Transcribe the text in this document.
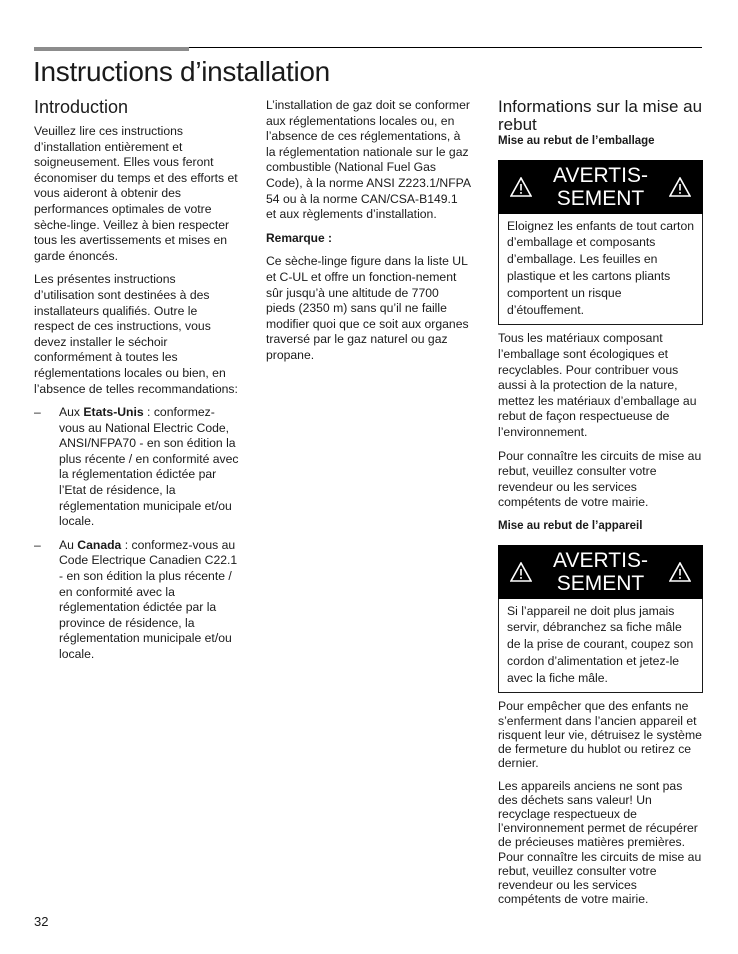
Instructions d’installation
Introduction

Veuillez lire ces instructions d’installation entièrement et soigneusement. Elles vous feront économiser du temps et des efforts et vous aideront à obtenir des performances optimales de votre sèche-linge. Veillez à bien respecter tous les avertissements et mises en garde énoncés.

Les présentes instructions d’utilisation sont destinées à des installateurs qualifiés. Outre le respect de ces instructions, vous devez installer le séchoir conformément à toutes les réglementations locales ou bien, en l’absence de telles recommandations:

– Aux Etats-Unis : conformez-vous au National Electric Code, ANSI/NFPA70 - en son édition la plus récente / en conformité avec la réglementation édictée par l’Etat de résidence, la réglementation municipale et/ou locale.
– Au Canada : conformez-vous au Code Electrique Canadien C22.1 - en son édition la plus récente / en conformité avec la réglementation édictée par la province de résidence, la réglementation municipale et/ou locale.

L’installation de gaz doit se conformer aux réglementations locales ou, en l’absence de ces réglementations, à la réglementation nationale sur le gaz combustible (National Fuel Gas Code), à la norme ANSI Z223.1/NFPA 54 ou à la norme CAN/CSA-B149.1 et aux règlements d’installation.

Remarque :

Ce sèche-linge figure dans la liste UL et C-UL et offre un fonction-nement sûr jusqu’à une altitude de 7700 pieds (2350 m) sans qu’il ne faille modifier quoi que ce soit aux organes traversé par le gaz naturel ou gaz propane.

Informations sur la mise au rebut

Mise au rebut de l’emballage

AVERTIS- SEMENT
Eloignez les enfants de tout carton d’emballage et composants d’emballage. Les feuilles en plastique et les cartons pliants comportent un risque d’étouffement.

Tous les matériaux composant l’emballage sont écologiques et recyclables. Pour contribuer vous aussi à la protection de la nature, mettez les matériaux d’emballage au rebut de façon respectueuse de l’environnement.

Pour connaître les circuits de mise au rebut, veuillez consulter votre revendeur ou les services compétents de votre mairie.

Mise au rebut de l’appareil

AVERTIS- SEMENT
Si l’appareil ne doit plus jamais servir, débranchez sa fiche mâle de la prise de courant, coupez son cordon d’alimentation et jetez-le avec la fiche mâle.

Pour empêcher que des enfants ne s’enferment dans l’ancien appareil et risquent leur vie, détruisez le système de fermeture du hublot ou retirez ce dernier.

Les appareils anciens ne sont pas des déchets sans valeur! Un recyclage respectueux de l’environnement permet de récupérer de précieuses matières premières.

Pour connaître les circuits de mise au rebut, veuillez consulter votre revendeur ou les services compétents de votre mairie.

32
